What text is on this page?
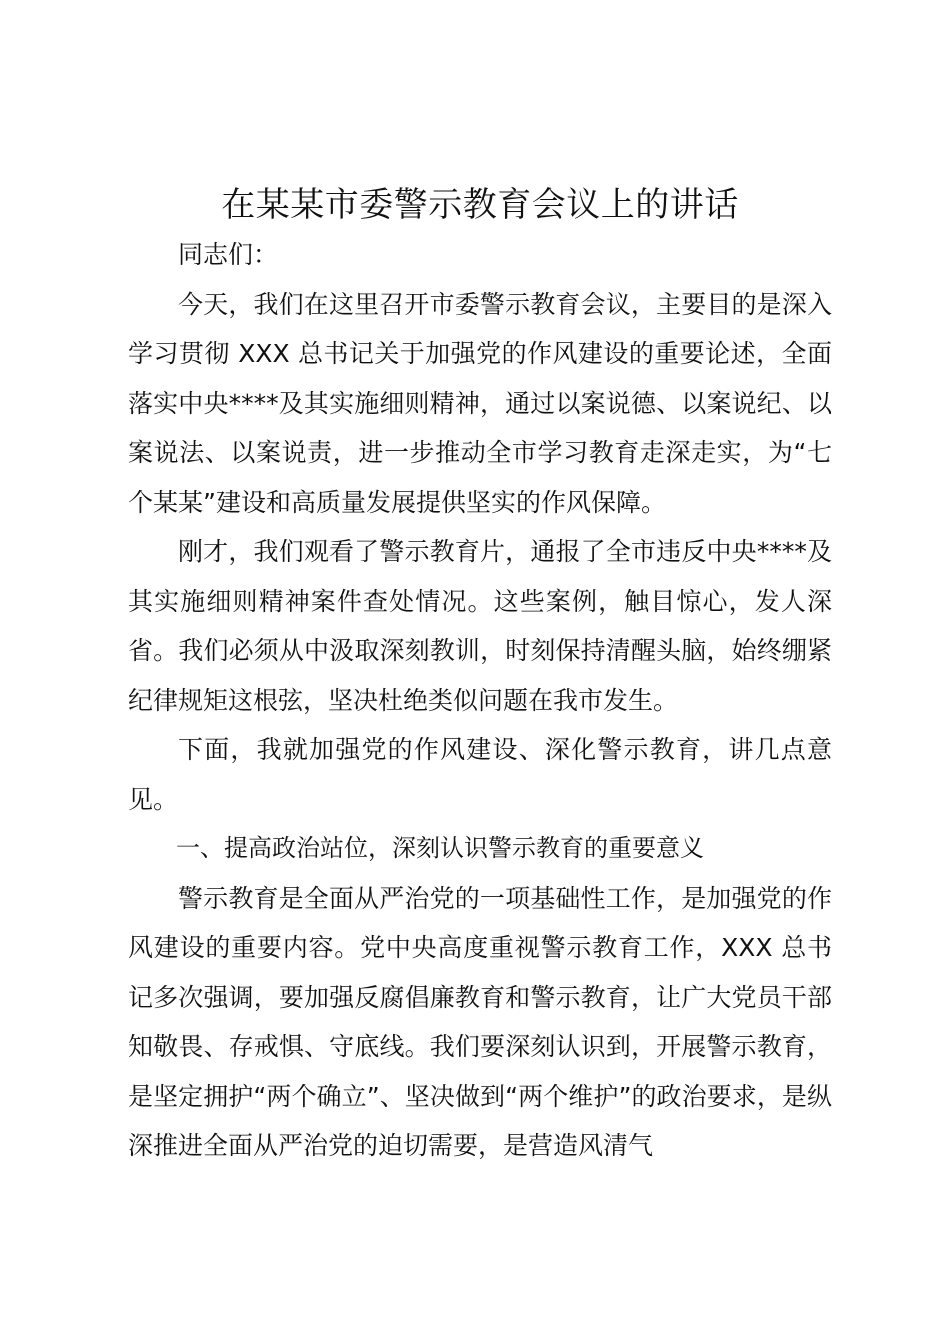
在某某市委警示教育会议上的讲话

同志们：

今天，我们在这里召开市委警示教育会议，主要目的是深入学习贯彻 XXX 总书记关于加强党的作风建设的重要论述，全面落实中央****及其实施细则精神，通过以案说德、以案说纪、以案说法、以案说责，进一步推动全市学习教育走深走实，为“七个某某”建设和高质量发展提供坚实的作风保障。

刚才，我们观看了警示教育片，通报了全市违反中央****及其实施细则精神案件查处情况。这些案例，触目惊心，发人深省。我们必须从中汲取深刻教训，时刻保持清醒头脑，始终绷紧纪律规矩这根弦，坚决杜绝类似问题在我市发生。

下面，我就加强党的作风建设、深化警示教育，讲几点意见。

一、提高政治站位，深刻认识警示教育的重要意义

警示教育是全面从严治党的一项基础性工作，是加强党的作风建设的重要内容。党中央高度重视警示教育工作，XXX 总书记多次强调，要加强反腐倡廉教育和警示教育，让广大党员干部知敬畏、存戒惧、守底线。我们要深刻认识到，开展警示教育，是坚定拥护“两个确立”、坚决做到“两个维护”的政治要求，是纵深推进全面从严治党的迫切需要，是营造风清气
